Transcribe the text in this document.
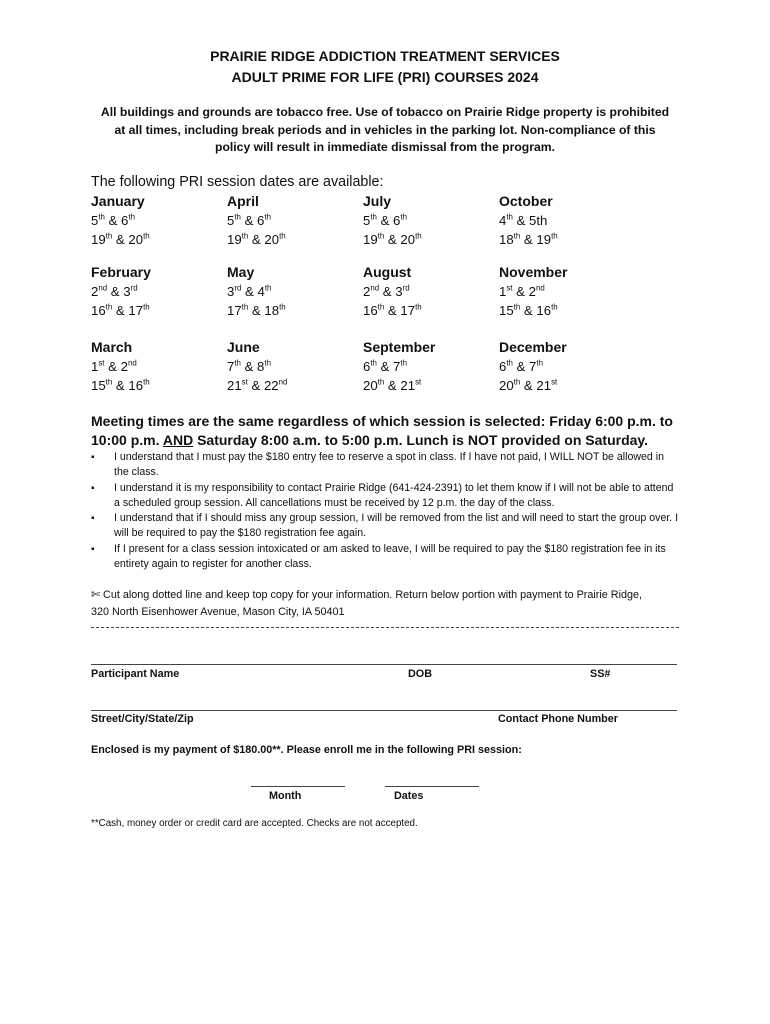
PRAIRIE RIDGE ADDICTION TREATMENT SERVICES
ADULT PRIME FOR LIFE (PRI) COURSES 2024
All buildings and grounds are tobacco free. Use of tobacco on Prairie Ridge property is prohibited
at all times, including break periods and in vehicles in the parking lot. Non-compliance of this
policy will result in immediate dismissal from the program.
The following PRI session dates are available:
January
5th & 6th
19th & 20th
April
5th & 6th
19th & 20th
July
5th & 6th
19th & 20th
October
4th & 5th
18th & 19th
February
2nd & 3rd
16th & 17th
May
3rd & 4th
17th & 18th
August
2nd & 3rd
16th & 17th
November
1st & 2nd
15th & 16th
March
1st & 2nd
15th & 16th
June
7th & 8th
21st & 22nd
September
6th & 7th
20th & 21st
December
6th & 7th
20th & 21st
Meeting times are the same regardless of which session is selected: Friday 6:00 p.m. to
10:00 p.m. AND Saturday 8:00 a.m. to 5:00 p.m. Lunch is NOT provided on Saturday.
▪ I understand that I must pay the $180 entry fee to reserve a spot in class. If I have not paid, I WILL NOT be allowed in the class.
▪ I understand it is my responsibility to contact Prairie Ridge (641-424-2391) to let them know if I will not be able to attend a scheduled group session. All cancellations must be received by 12 p.m. the day of the class.
▪ I understand that if I should miss any group session, I will be removed from the list and will need to start the group over. I will be required to pay the $180 registration fee again.
▪ If I present for a class session intoxicated or am asked to leave, I will be required to pay the $180 registration fee in its entirety again to register for another class.
✄ Cut along dotted line and keep top copy for your information. Return below portion with payment to Prairie Ridge,
320 North Eisenhower Avenue, Mason City, IA 50401
Participant Name	DOB	SS#
Street/City/State/Zip	Contact Phone Number
Enclosed is my payment of $180.00**. Please enroll me in the following PRI session:
Month	Dates
**Cash, money order or credit card are accepted. Checks are not accepted.
